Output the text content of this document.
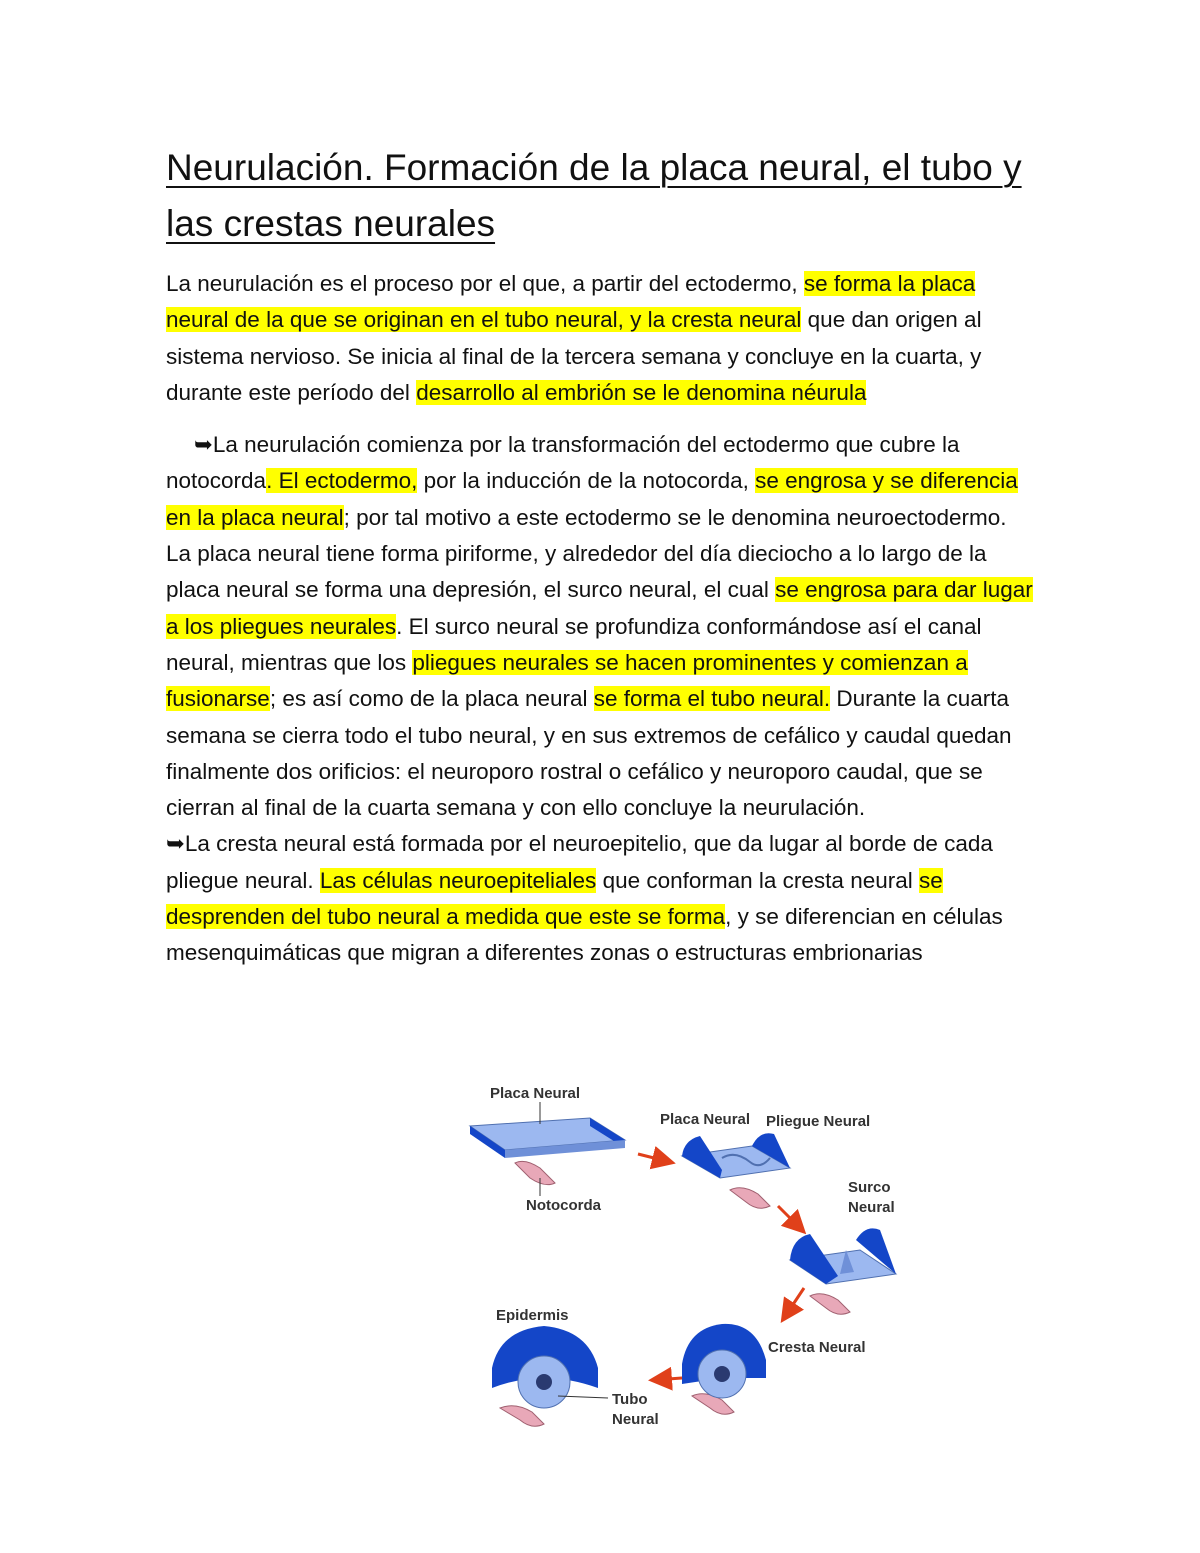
Neurulación. Formación de la placa neural, el tubo y las crestas neurales

La neurulación es el proceso por el que, a partir del ectodermo, se forma la placa neural de la que se originan en el tubo neural, y la cresta neural que dan origen al sistema nervioso. Se inicia al final de la tercera semana y concluye en la cuarta, y durante este período del desarrollo al embrión se le denomina néurula

➥La neurulación comienza por la transformación del ectodermo que cubre la notocorda. El ectodermo, por la inducción de la notocorda, se engrosa y se diferencia en la placa neural; por tal motivo a este ectodermo se le denomina neuroectodermo. La placa neural tiene forma piriforme, y alrededor del día dieciocho a lo largo de la placa neural se forma una depresión, el surco neural, el cual se engrosa para dar lugar a los pliegues neurales. El surco neural se profundiza conformándose así el canal neural, mientras que los pliegues neurales se hacen prominentes y comienzan a fusionarse; es así como de la placa neural se forma el tubo neural. Durante la cuarta semana se cierra todo el tubo neural, y en sus extremos de cefálico y caudal quedan finalmente dos orificios: el neuroporo rostral o cefálico y neuroporo caudal, que se cierran al final de la cuarta semana y con ello concluye la neurulación.

➥La cresta neural está formada por el neuroepitelio, que da lugar al borde de cada pliegue neural. Las células neuroepiteliales que conforman la cresta neural se desprenden del tubo neural a medida que este se forma, y se diferencian en células mesenquimáticas que migran a diferentes zonas o estructuras embrionarias

Placa Neural
Notocorda
Placa Neural Pliegue Neural
Surco
Neural
Cresta Neural
Epidermis
Tubo
Neural
